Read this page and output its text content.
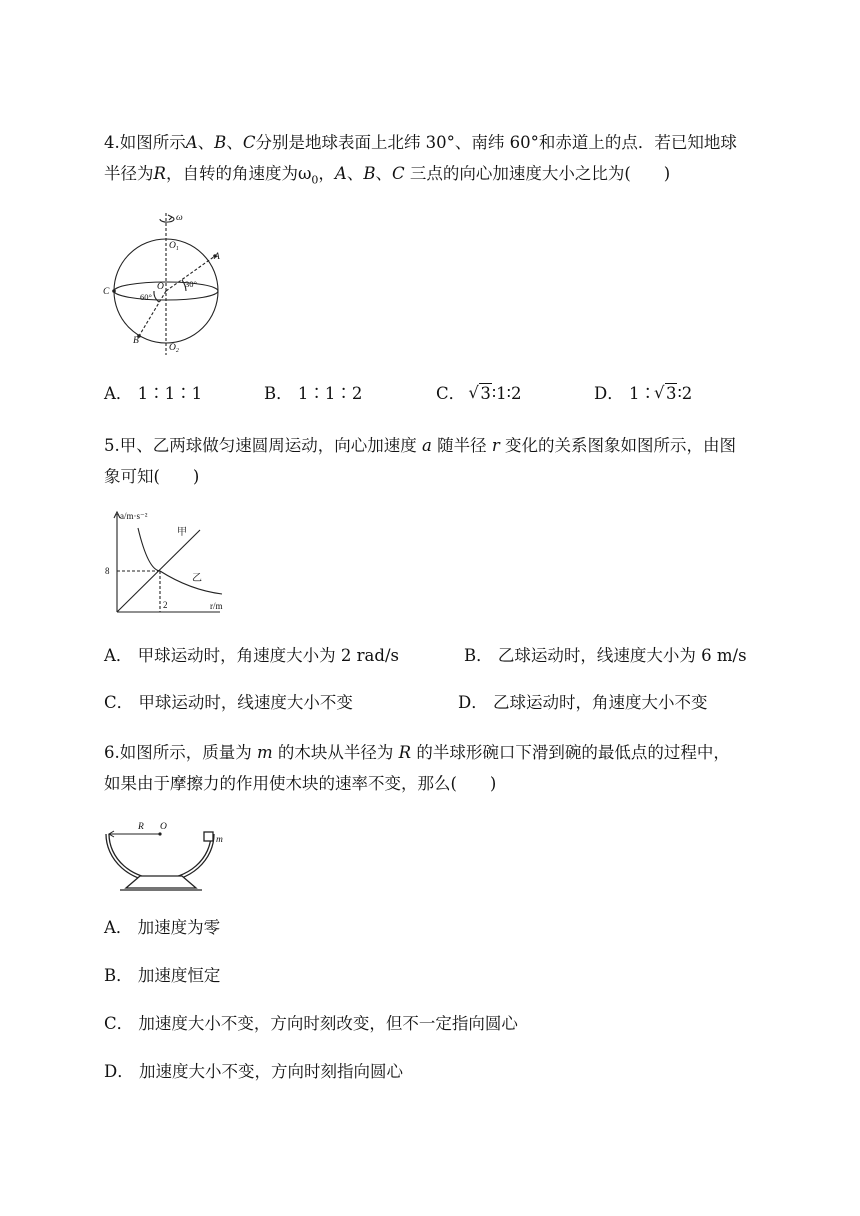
4.如图所示A、B、C分别是地球表面上北纬 30°、南纬 60°和赤道上的点．若已知地球
半径为R，自转的角速度为$\omega_0$，A、B、C 三点的向心加速度大小之比为(　　)
ω
$O_1$
O
$O_2$
A
B
C
30°
60°
A． 1∶1∶1	B． 1∶1∶2	C． √ 3∶1∶2	D． 1∶ √ 3∶2
5.甲、乙两球做匀速圆周运动，向心加速度 a 随半径 r 变化的关系图象如图所示，由图
象可知(　　)
a/m·s⁻²
r/m
8
2
甲
乙
A． 甲球运动时，角速度大小为 2 rad/s	B． 乙球运动时，线速度大小为 6 m/s
C． 甲球运动时，线速度大小不变	D． 乙球运动时，角速度大小不变
6.如图所示，质量为 m 的木块从半径为 R 的半球形碗口下滑到碗的最低点的过程中，
如果由于摩擦力的作用使木块的速率不变，那么(　　)
R O
m
A． 加速度为零
B． 加速度恒定
C． 加速度大小不变，方向时刻改变，但不一定指向圆心
D． 加速度大小不变，方向时刻指向圆心
